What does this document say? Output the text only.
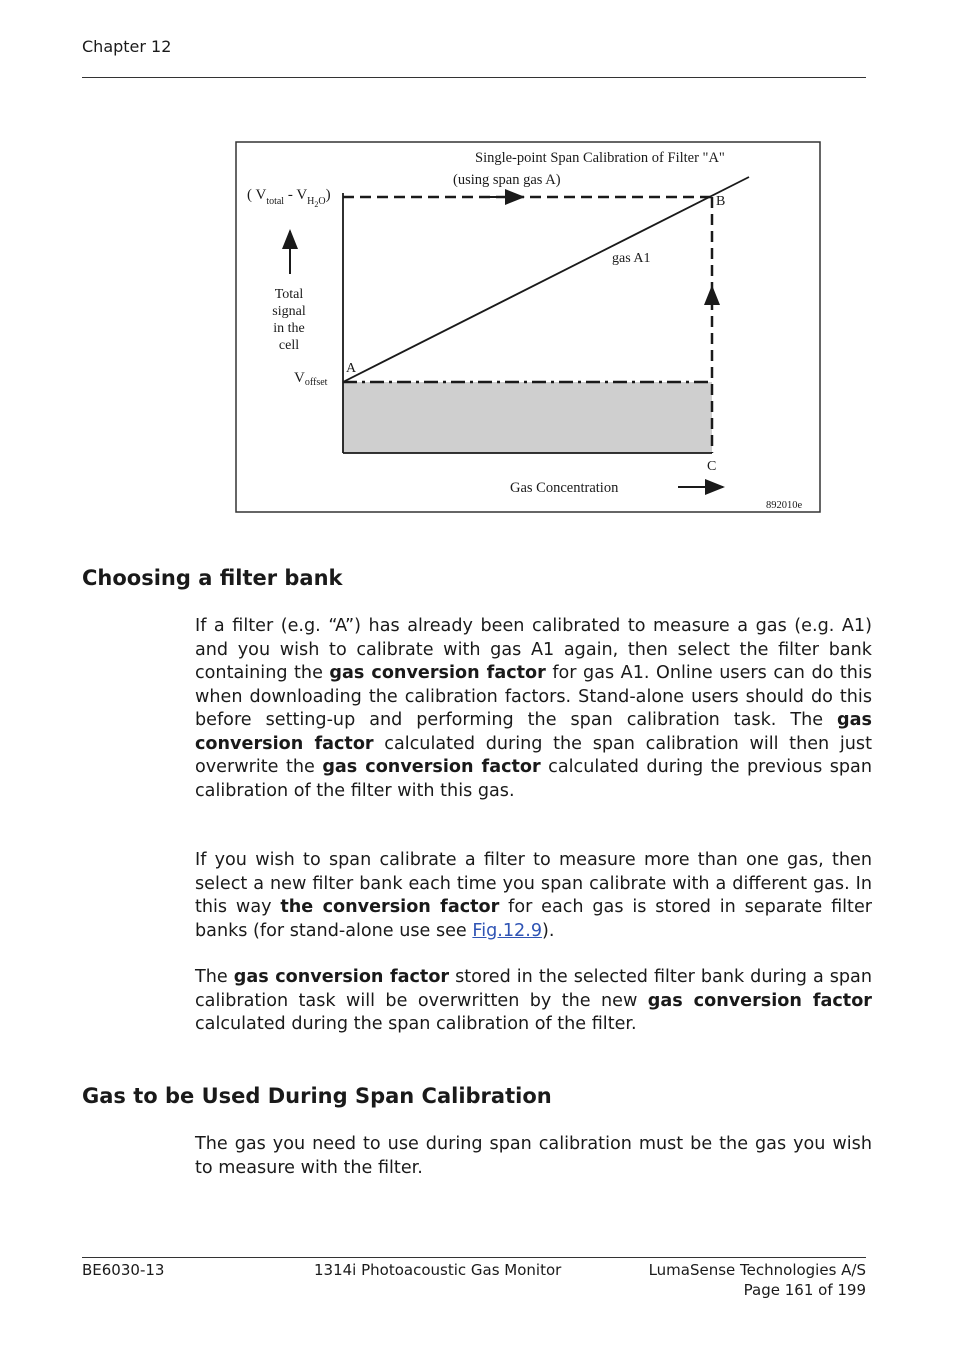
Chapter 12
Single-point Span Calibration of Filter "A"
(using span gas A)
( $V_{total} - V_{H2}^O$)
Total
signal
in the
cell
$V_{offset}$
A
B
C
gas A1
Gas Concentration
892010e
Choosing a filter bank

If a filter (e.g. “A”) has already been calibrated to measure a gas (e.g. A1) and you wish to calibrate with gas A1 again, then select the filter bank containing the gas conversion factor for gas A1. Online users can do this when downloading the calibration factors. Stand-alone users should do this before setting-up and performing the span calibration task. The gas conversion factor calculated during the span calibration will then just overwrite the gas conversion factor calculated during the previous span calibration of the filter with this gas.

If you wish to span calibrate a filter to measure more than one gas, then select a new filter bank each time you span calibrate with a different gas. In this way the conversion factor for each gas is stored in separate filter banks (for stand-alone use see Fig.12.9).

The gas conversion factor stored in the selected filter bank during a span calibration task will be overwritten by the new gas conversion factor calculated during the span calibration of the filter.

Gas to be Used During Span Calibration

The gas you need to use during span calibration must be the gas you wish to measure with the filter.

BE6030-13	1314i Photoacoustic Gas Monitor	LumaSense Technologies A/S
Page 161 of 199
